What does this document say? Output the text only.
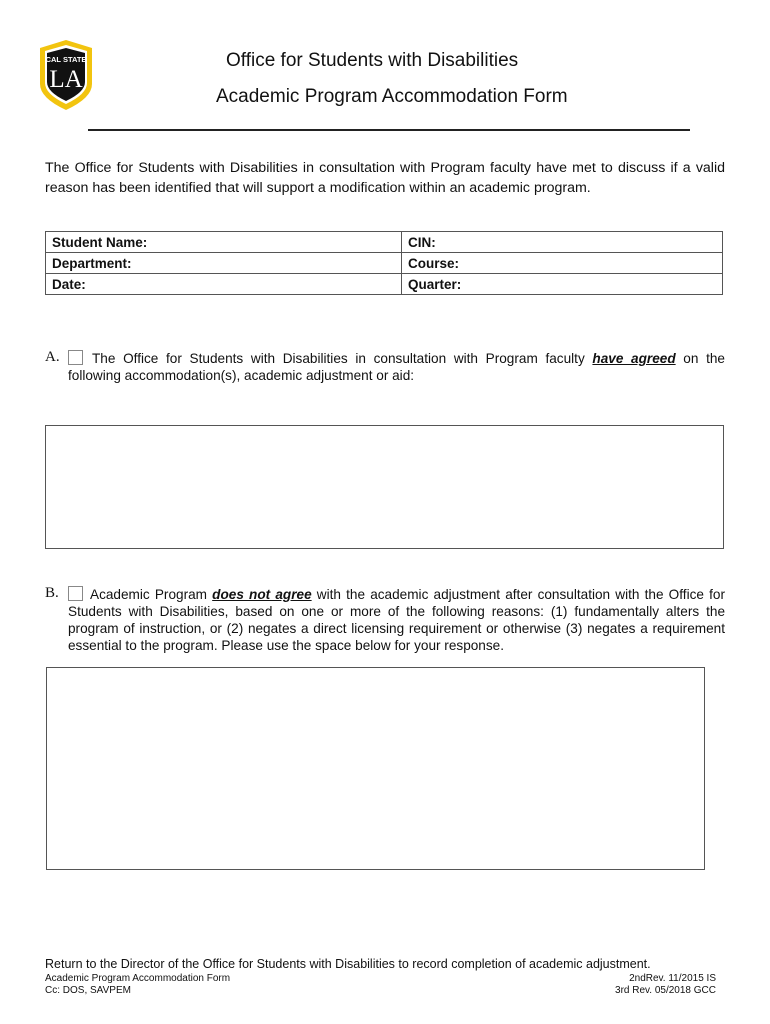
CAL STATE
LA
Office for Students with Disabilities
Academic Program Accommodation Form
The Office for Students with Disabilities in consultation with Program faculty have met to discuss if a valid reason has been identified that will support a modification within an academic program.
Student Name:	CIN:
Department:	Course:
Date:	Quarter:
A.	The Office for Students with Disabilities in consultation with Program faculty have agreed on the following accommodation(s), academic adjustment or aid:
B.	Academic Program does not agree with the academic adjustment after consultation with the Office for Students with Disabilities, based on one or more of the following reasons: (1) fundamentally alters the program of instruction, or (2) negates a direct licensing requirement or otherwise (3) negates a requirement essential to the program. Please use the space below for your response.
Return to the Director of the Office for Students with Disabilities to record completion of academic adjustment.
Academic Program Accommodation Form
Cc: DOS, SAVPEM
2ndRev. 11/2015 IS
3rd Rev. 05/2018 GCC
